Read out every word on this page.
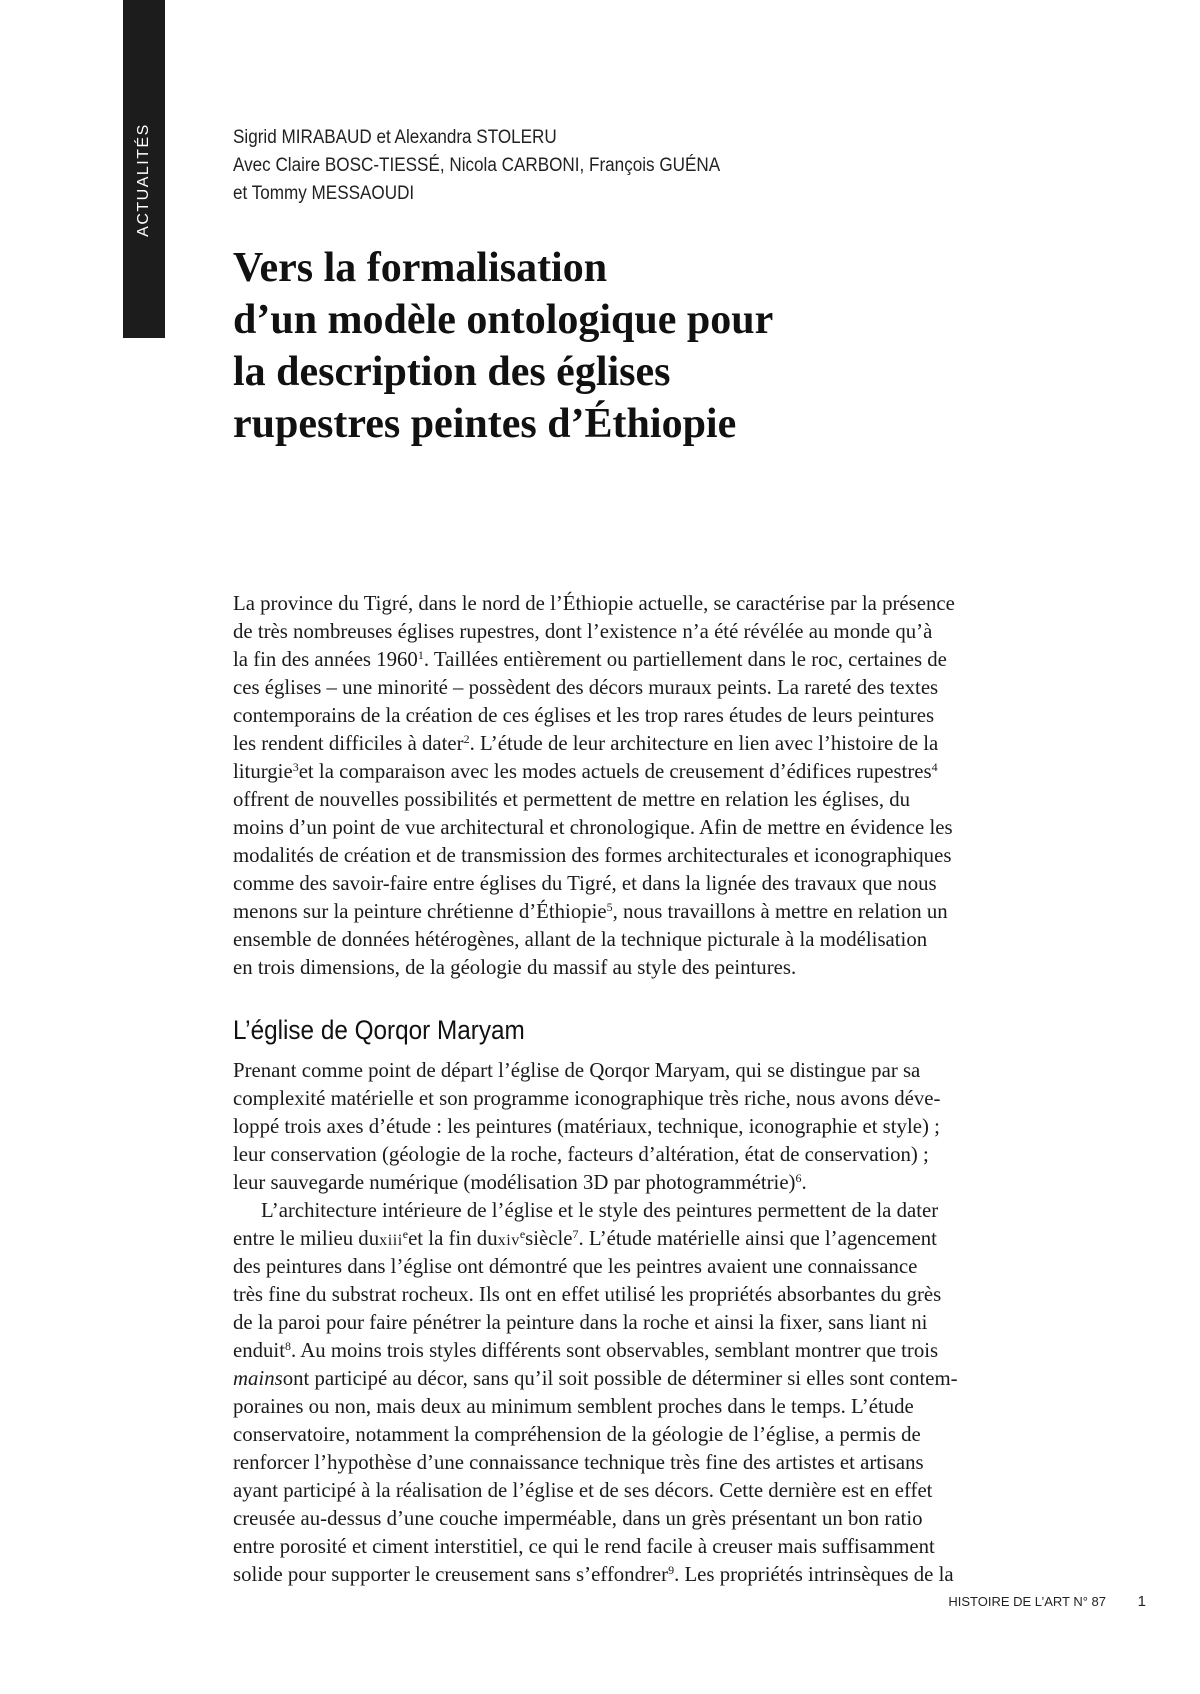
ACTUALITÉS	Sigrid MIRABAUD et Alexandra STOLERU
Avec Claire BOSC-TIESSÉ, Nicola CARBONI, François GUÉNA
et Tommy MESSAOUDI
Vers la formalisation
d’un modèle ontologique pour
la description des églises
rupestres peintes d’Éthiopie
La province du Tigré, dans le nord de l’Éthiopie actuelle, se caractérise par la présence
de très nombreuses églises rupestres, dont l’existence n’a été révélée au monde qu’à
la fin des années 1960$^1$. Taillées entièrement ou partiellement dans le roc, certaines de
ces églises – une minorité – possèdent des décors muraux peints. La rareté des textes
contemporains de la création de ces églises et les trop rares études de leurs peintures
les rendent difficiles à dater$^2$. L’étude de leur architecture en lien avec l’histoire de la
liturgie$^3$et la comparaison avec les modes actuels de creusement d’édifices rupestres$^4$
offrent de nouvelles possibilités et permettent de mettre en relation les églises, du
moins d’un point de vue architectural et chronologique. Afin de mettre en évidence les
modalités de création et de transmission des formes architecturales et iconographiques
comme des savoir-faire entre églises du Tigré, et dans la lignée des travaux que nous
menons sur la peinture chrétienne d’Éthiopie$^5$, nous travaillons à mettre en relation un
ensemble de données hétérogènes, allant de la technique picturale à la modélisation
en trois dimensions, de la géologie du massif au style des peintures.
L’église de Qorqor Maryam
Prenant comme point de départ l’église de Qorqor Maryam, qui se distingue par sa
complexité matérielle et son programme iconographique très riche, nous avons déve-
loppé trois axes d’étude : les peintures (matériaux, technique, iconographie et style) ;
leur conservation (géologie de la roche, facteurs d’altération, état de conservation) ;
leur sauvegarde numérique (modélisation 3D par photogrammétrie)$^6$.
L’architecture intérieure de l’église et le style des peintures permettent de la dater
entre le milieu duxiii$^e$et la fin duxiv$^e$siècle$^7$. L’étude matérielle ainsi que l’agencement
des peintures dans l’église ont démontré que les peintres avaient une connaissance
très fine du substrat rocheux. Ils ont en effet utilisé les propriétés absorbantes du grès
de la paroi pour faire pénétrer la peinture dans la roche et ainsi la fixer, sans liant ni
enduit$^8$. Au moins trois styles différents sont observables, semblant montrer que trois
mainsont participé au décor, sans qu’il soit possible de déterminer si elles sont contem-
poraines ou non, mais deux au minimum semblent proches dans le temps. L’étude
conservatoire, notamment la compréhension de la géologie de l’église, a permis de
renforcer l’hypothèse d’une connaissance technique très fine des artistes et artisans
ayant participé à la réalisation de l’église et de ses décors. Cette dernière est en effet
creusée au-dessus d’une couche imperméable, dans un grès présentant un bon ratio
entre porosité et ciment interstitiel, ce qui le rend facile à creuser mais suffisamment
solide pour supporter le creusement sans s’effondrer$^9$. Les propriétés intrinsèques de la
HISTOIRE DE L’ART N° 87 1
